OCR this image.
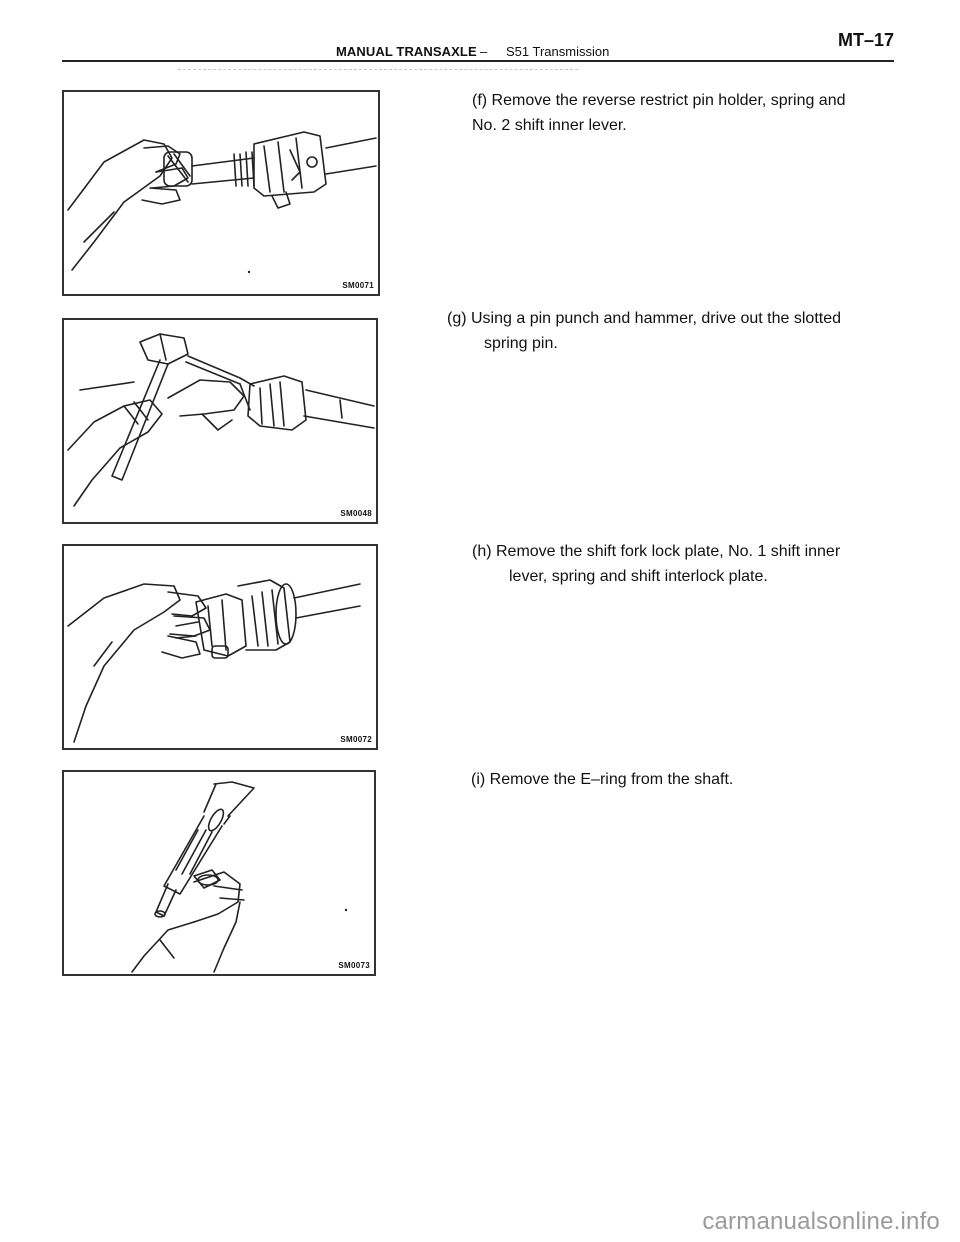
MANUAL TRANSAXLE – S51 Transmission
MT–17
SM0071
(f) Remove the reverse restrict pin holder, spring and
No. 2 shift inner lever.
SM0048
(g) Using a pin punch and hammer, drive out the slotted
spring pin.
SM0072
(h) Remove the shift fork lock plate, No. 1 shift inner
lever, spring and shift interlock plate.
SM0073
(i) Remove the E–ring from the shaft.
carmanualsonline.info
